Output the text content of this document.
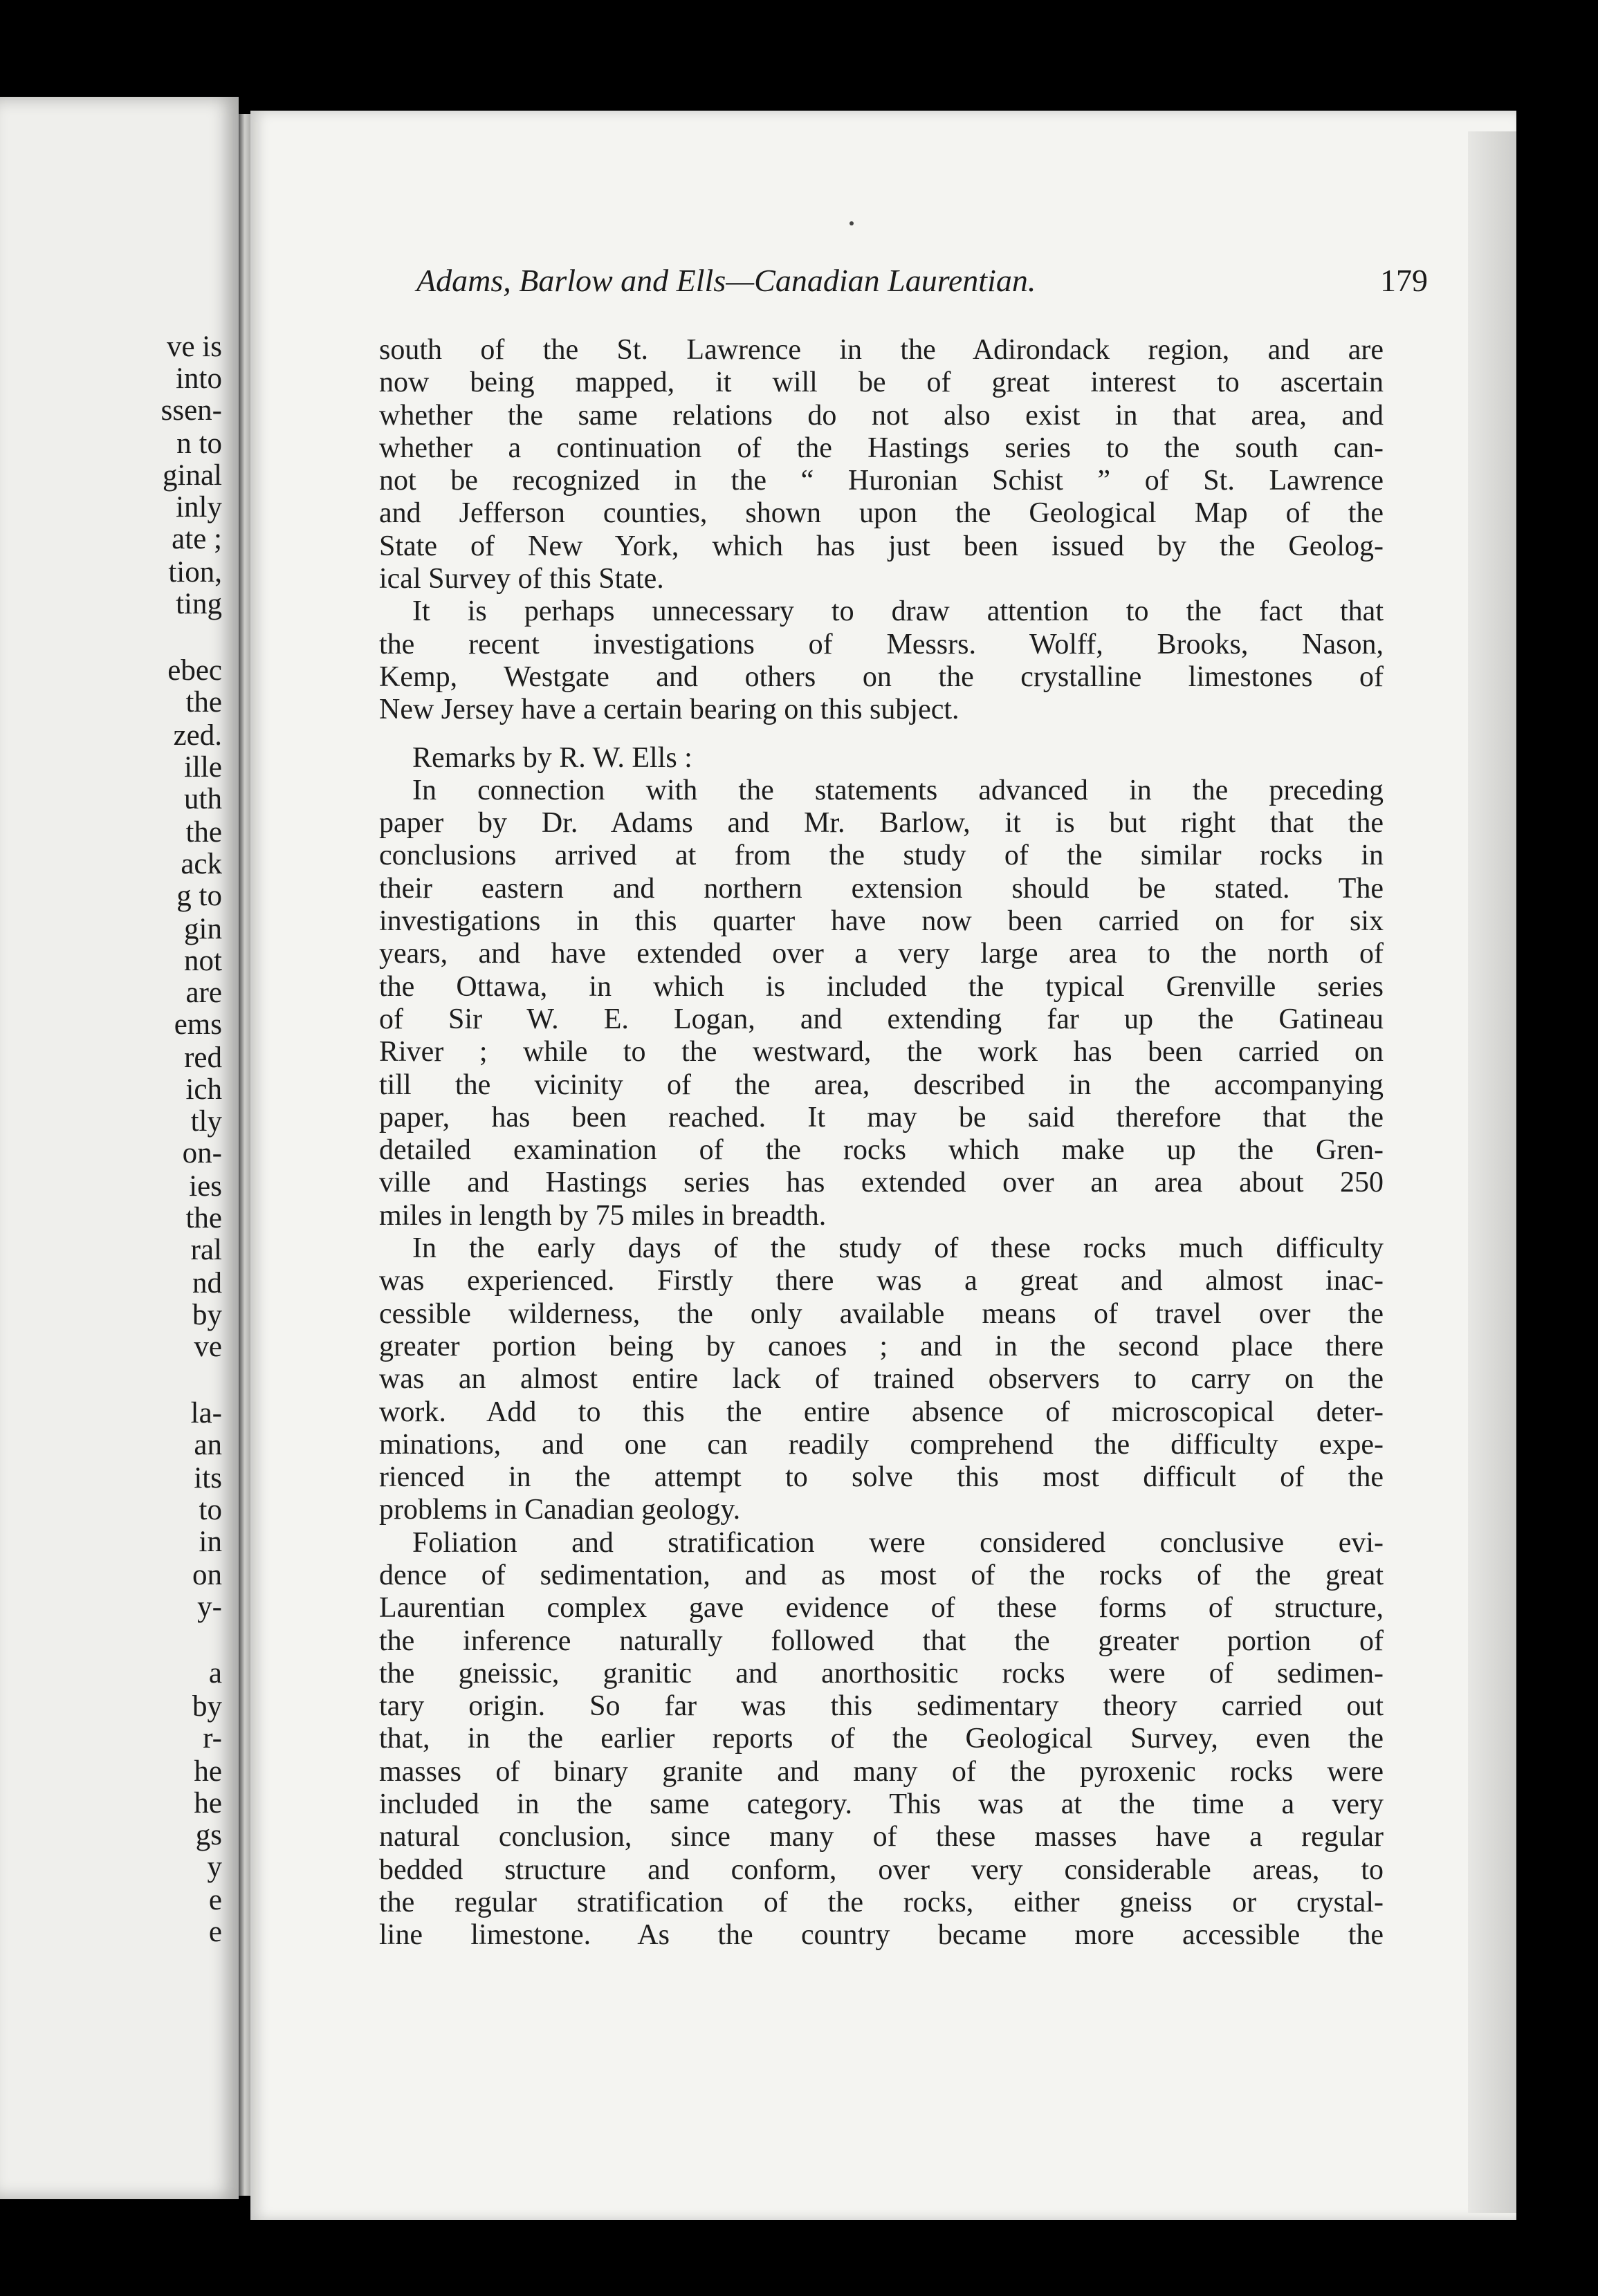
ve is

into

ssen-

n to

ginal

inly

ate ;

tion,

ting

ebec

the

zed.

ille

uth

the

ack

g to

gin

not

are

ems

red

ich

tly

on-

ies

the

ral

nd

by

ve

la-

an

its

to

in

on

y-

a

by

r-

he

he

gs

y

e

e

Adams, Barlow and Ells—Canadian Laurentian.	179
south of the St. Lawrence in the Adirondack region, and are
now being mapped, it will be of great interest to ascertain
whether the same relations do not also exist in that area, and
whether a continuation of the Hastings series to the south can-
not be recognized in the “ Huronian Schist ” of St. Lawrence
and Jefferson counties, shown upon the Geological Map of the
State of New York, which has just been issued by the Geolog-
ical Survey of this State.
It is perhaps unnecessary to draw attention to the fact that
the recent investigations of Messrs. Wolff, Brooks, Nason,
Kemp, Westgate and others on the crystalline limestones of
New Jersey have a certain bearing on this subject.
Remarks by R. W. Ells :
In connection with the statements advanced in the preceding
paper by Dr. Adams and Mr. Barlow, it is but right that the
conclusions arrived at from the study of the similar rocks in
their eastern and northern extension should be stated. The
investigations in this quarter have now been carried on for six
years, and have extended over a very large area to the north of
the Ottawa, in which is included the typical Grenville series
of Sir W. E. Logan, and extending far up the Gatineau
River ; while to the westward, the work has been carried on
till the vicinity of the area, described in the accompanying
paper, has been reached. It may be said therefore that the
detailed examination of the rocks which make up the Gren-
ville and Hastings series has extended over an area about 250
miles in length by 75 miles in breadth.
In the early days of the study of these rocks much difficulty
was experienced. Firstly there was a great and almost inac-
cessible wilderness, the only available means of travel over the
greater portion being by canoes ; and in the second place there
was an almost entire lack of trained observers to carry on the
work. Add to this the entire absence of microscopical deter-
minations, and one can readily comprehend the difficulty expe-
rienced in the attempt to solve this most difficult of the
problems in Canadian geology.
Foliation and stratification were considered conclusive evi-
dence of sedimentation, and as most of the rocks of the great
Laurentian complex gave evidence of these forms of structure,
the inference naturally followed that the greater portion of
the gneissic, granitic and anorthositic rocks were of sedimen-
tary origin. So far was this sedimentary theory carried out
that, in the earlier reports of the Geological Survey, even the
masses of binary granite and many of the pyroxenic rocks were
included in the same category. This was at the time a very
natural conclusion, since many of these masses have a regular
bedded structure and conform, over very considerable areas, to
the regular stratification of the rocks, either gneiss or crystal-
line limestone. As the country became more accessible the
